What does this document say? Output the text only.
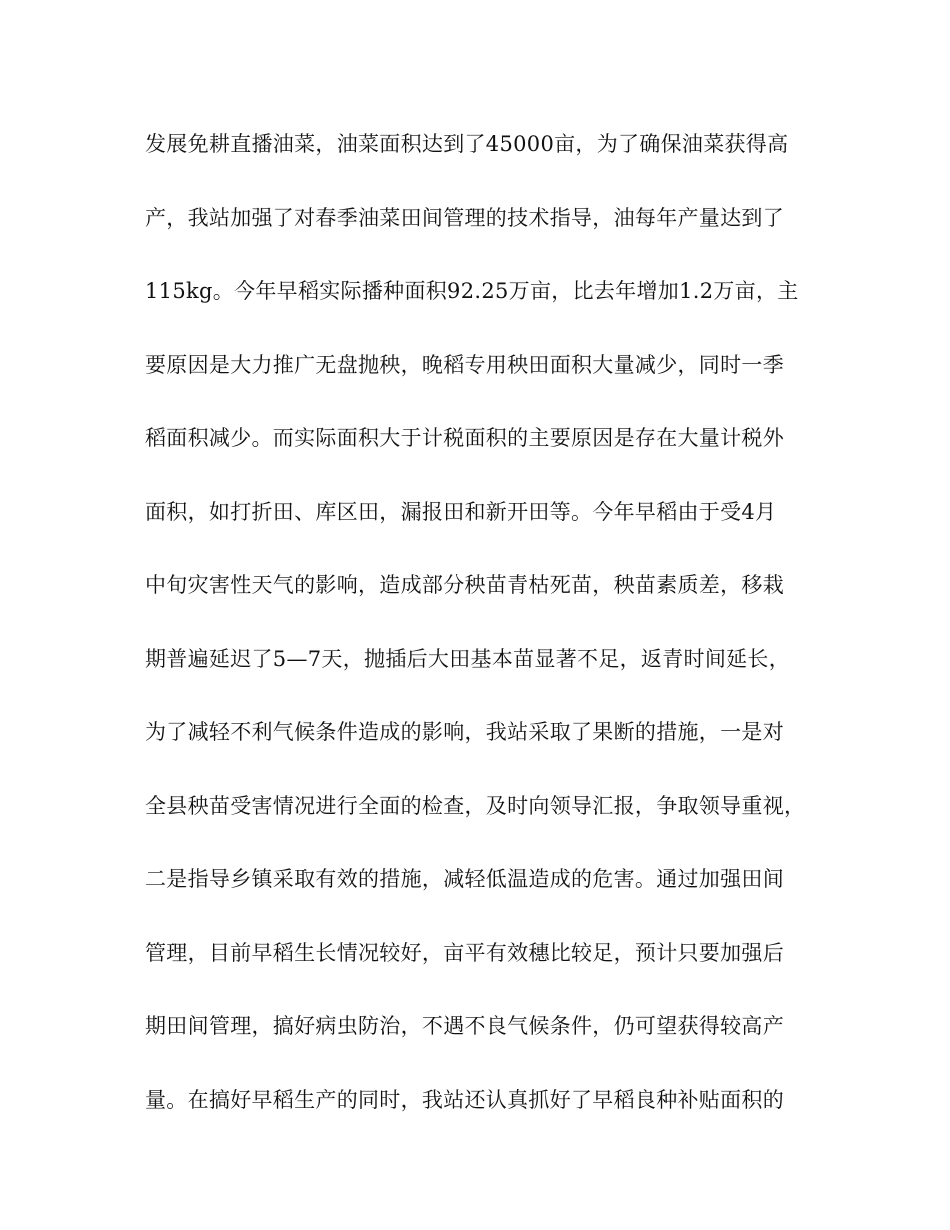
发展免耕直播油菜，油菜面积达到了45000亩，为了确保油菜获得高
产，我站加强了对春季油菜田间管理的技术指导，油每年产量达到了
115kg。今年早稻实际播种面积92.25万亩，比去年增加1.2万亩，主
要原因是大力推广无盘抛秧，晚稻专用秧田面积大量减少，同时一季
稻面积减少。而实际面积大于计税面积的主要原因是存在大量计税外
面积，如打折田、库区田，漏报田和新开田等。今年早稻由于受4月
中旬灾害性天气的影响，造成部分秧苗青枯死苗，秧苗素质差，移栽
期普遍延迟了5—7天，抛插后大田基本苗显著不足，返青时间延长，
为了减轻不利气候条件造成的影响，我站采取了果断的措施，一是对
全县秧苗受害情况进行全面的检查，及时向领导汇报，争取领导重视，
二是指导乡镇采取有效的措施，减轻低温造成的危害。通过加强田间
管理，目前早稻生长情况较好，亩平有效穗比较足，预计只要加强后
期田间管理，搞好病虫防治，不遇不良气候条件，仍可望获得较高产
量。在搞好早稻生产的同时，我站还认真抓好了早稻良种补贴面积的
